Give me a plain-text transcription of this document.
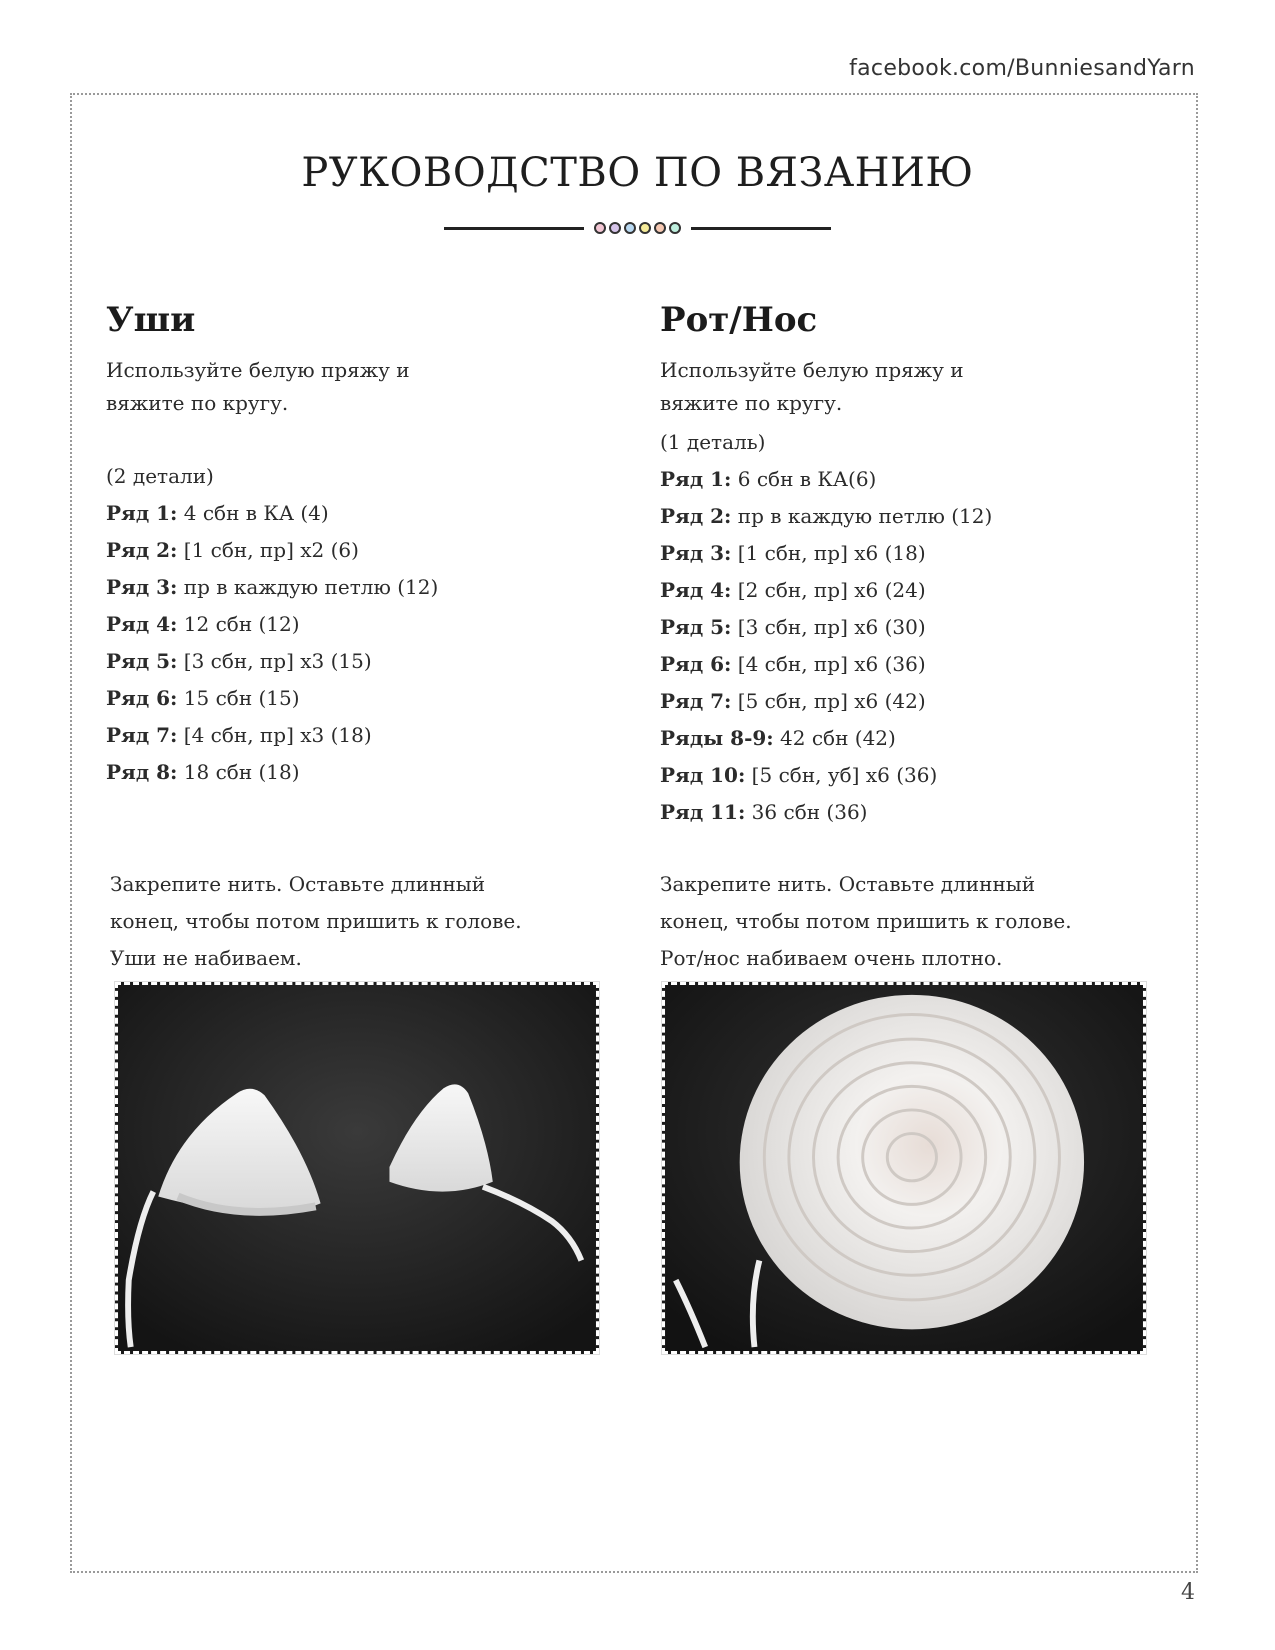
facebook.com/BunniesandYarn
РУКОВОДСТВО ПО ВЯЗАНИЮ
Уши

Используйте белую пряжу и
вяжите по кругу.

(2 детали)

Ряд 1: 4 сбн в КА (4)
Ряд 2: [1 сбн, пр] х2 (6)
Ряд 3: пр в каждую петлю (12)
Ряд 4: 12 сбн (12)
Ряд 5: [3 сбн, пр] х3 (15)
Ряд 6: 15 сбн (15)
Ряд 7: [4 сбн, пр] х3 (18)
Ряд 8: 18 сбн (18)
Закрепите нить. Оставьте длинный
конец, чтобы потом пришить к голове.
Уши не набиваем.
Рот/Нос

Используйте белую пряжу и
вяжите по кругу.

(1 деталь)

Ряд 1: 6 сбн в КА(6)
Ряд 2: пр в каждую петлю (12)
Ряд 3: [1 сбн, пр] х6 (18)
Ряд 4: [2 сбн, пр] х6 (24)
Ряд 5: [3 сбн, пр] х6 (30)
Ряд 6: [4 сбн, пр] х6 (36)
Ряд 7: [5 сбн, пр] х6 (42)
Ряды 8-9: 42 сбн (42)
Ряд 10: [5 сбн, уб] х6 (36)
Ряд 11: 36 сбн (36)
Закрепите нить. Оставьте длинный
конец, чтобы потом пришить к голове.
Рот/нос набиваем очень плотно.
4
